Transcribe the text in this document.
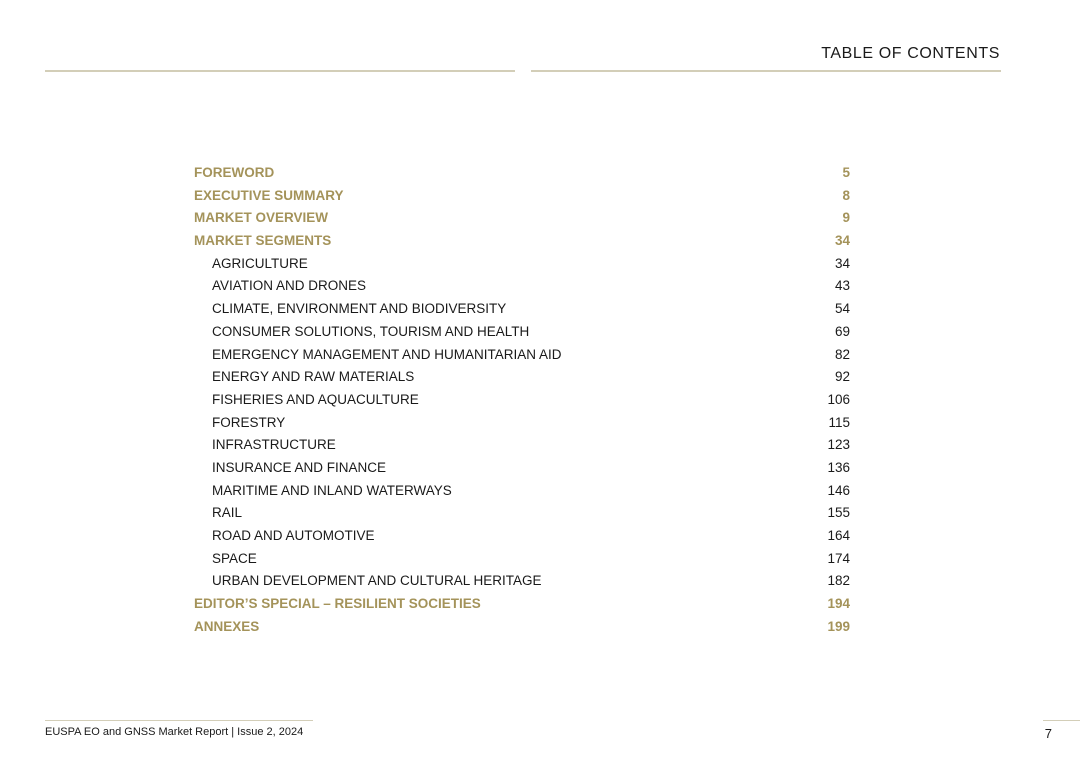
TABLE OF CONTENTS
FOREWORD	5
EXECUTIVE SUMMARY	8
MARKET OVERVIEW	9
MARKET SEGMENTS	34
AGRICULTURE	34
AVIATION AND DRONES	43
CLIMATE, ENVIRONMENT AND BIODIVERSITY	54
CONSUMER SOLUTIONS, TOURISM AND HEALTH	69
EMERGENCY MANAGEMENT AND HUMANITARIAN AID	82
ENERGY AND RAW MATERIALS	92
FISHERIES AND AQUACULTURE	106
FORESTRY	115
INFRASTRUCTURE	123
INSURANCE AND FINANCE	136
MARITIME AND INLAND WATERWAYS	146
RAIL	155
ROAD AND AUTOMOTIVE	164
SPACE	174
URBAN DEVELOPMENT AND CULTURAL HERITAGE	182
EDITOR’S SPECIAL – RESILIENT SOCIETIES	194
ANNEXES	199
EUSPA EO and GNSS Market Report | Issue 2, 2024	7
